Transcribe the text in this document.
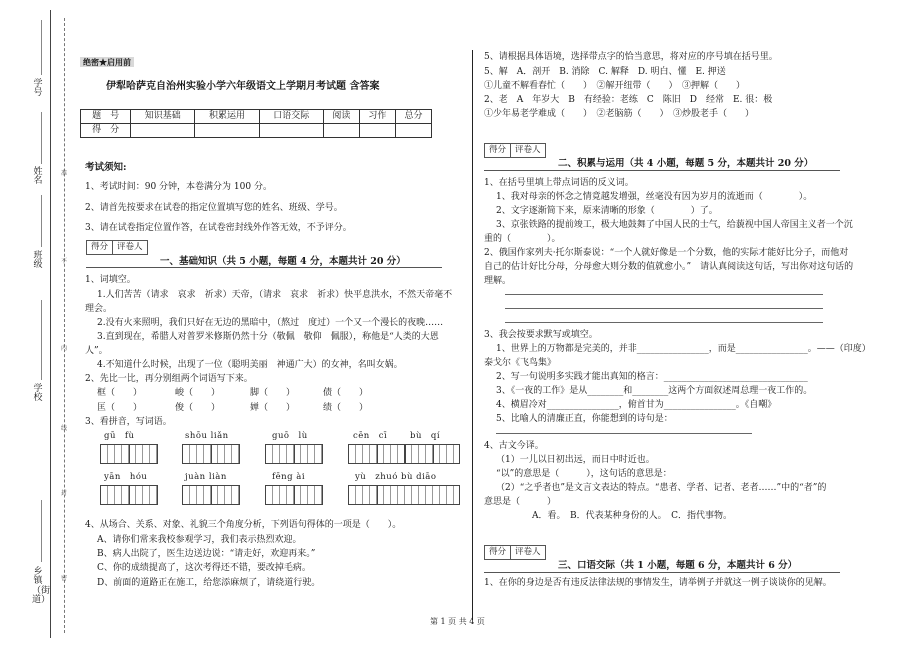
学号
姓名
班级
学校
乡镇（街道）
准
不
内
线
封
密
绝密★启用前
伊犁哈萨克自治州实验小学六年级语文上学期月考试题 含答案
题　号	知识基础	积累运用	口语交际	阅读	习作	总分
得　分						
考试须知:
1、考试时间：90 分钟，本卷满分为 100 分。
2、请首先按要求在试卷的指定位置填写您的姓名、班级、学号。
3、请在试卷指定位置作答，在试卷密封线外作答无效，不予评分。
得分 评卷人
一、基础知识（共 5 小题，每题 4 分，本题共计 20 分）
1、词填空。
1.人们苦苦（请求　哀求　祈求）天帝，（请求　哀求　祈求）快平息洪水，不然天帝毫不
理会。
2.没有火来照明，我们只好在无边的黑暗中，（熬过　度过）一个又一个漫长的夜晚……
3.直到现在，希腊人对普罗米修斯仍然十分（敬佩　敬仰　佩服），称他是“人类的大恩
人”。
4.不知道什么时候，出现了一位（聪明美丽　神通广大）的女神，名叫女娲。
2、先比一比，再分别组两个词语写下来。
框（　　）	峻（　　）	脚（　　）	债（　　）
匡（　　）	俊（　　）	婵（　　）	绩（　　）
3、看拼音，写词语。
gū　fù	shōu liǎn	guō　lù	cēn　cī	bù　qí
yān　hóu	juàn liàn	fēng ài	yù　zhuó bù diāo
4、从场合、关系、对象、礼貌三个角度分析，下列语句得体的一项是（　　）。
A、请你们常来我校参观学习，我们表示热烈欢迎。
B、病人出院了，医生边送边说：“请走好，欢迎再来。”
C、你的成绩提高了，这次考得还不错，要改掉毛病。
D、前面的道路正在施工，给您添麻烦了，请绕道行驶。
5、请根据具体语境，选择带点字的恰当意思，将对应的序号填在括号里。
5、解　A．剖开　B. 消除　C. 解释　D. 明白、懂　E. 押送
①儿童不解看春忙（　　）　②解开纽带（　　）　③押解（　　）
2、老　A　年岁大　B　有经验：老练　C　陈旧　D　经常　E. 很：极
①少年易老学难成（　　）　②老脑筋（　　）　③炒股老手（　　）
得分 评卷人
二、积累与运用（共 4 小题，每题 5 分，本题共计 20 分）
1、在括号里填上带点词语的反义词。
1、我对母亲的怀念之情竟越发增强，丝毫没有因为岁月的流逝而（　　　　）。
2、文字逐渐简下来，原来清晰的形象（　　　　）了。
3、京张铁路的提前竣工，极大地鼓舞了中国人民的士气，给藐视中国人帝国主义者一个沉
重的（　　　　）。
2、俄国作家列夫·托尔斯泰说：“一个人就好像是一个分数，他的实际才能好比分子，而他对
自己的估计好比分母，分母愈大则分数的值就愈小。”　请认真阅读这句话，写出你对这句话的
理解。
3、我会按要求默写或填空。
1、世界上的万物都是完美的，并非________________，而是________________。——（印度）
泰戈尔《飞鸟集》
2、写一句说明多实践才能出真知的格言：________________________________
3、《一夜的工作》是从________和________这两个方面叙述周总理一夜工作的。
4、横眉冷对________________，俯首甘为________________。《自嘲》
5、比喻人的清廉正直，你能想到的诗句是：
4、古文今译。
（1）一儿以日初出远，而日中时近也。
“以”的意思是（　　　），这句话的意思是：
（2）“之乎者也”是文言文表达的特点。“患者、学者、记者、老者……”中的“者”的
意思是（　　　）
A．看。　B．代表某种身份的人。　C．指代事物。
得分 评卷人
三、口语交际（共 1 小题，每题 6 分，本题共计 6 分）
1、在你的身边是否有违反法律法规的事情发生，请举例子并就这一例子谈谈你的见解。
第 1 页 共 4 页
